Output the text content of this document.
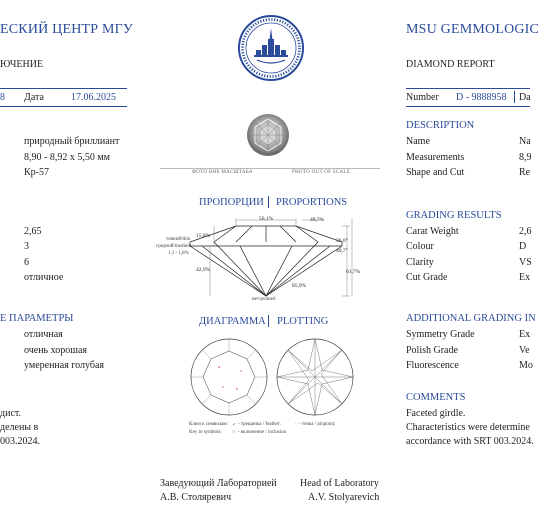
ЕСКИЙ ЦЕНТР МГУ
ЮЧЕНИЕ
8 Дата	17.06.2025
природный бриллиант
8,90 - 8,92 x 5,50 мм
Кр-57
2,65
3
6
отличное
Е ПАРАМЕТРЫ
отличная
очень хорошая
умеренная голубая
дист.
делены в
003.2024.
ФОТО ВНЕ МАСШТАБА	PHOTO OUT OF SCALE
ПРОПОРЦИИ PROPORTIONS
56,1%	49,7%
тонкий/thin
средний/medium
1,1 - 1,8%
15,8%
36,0°
40,7°
42,9%	61,7%
85,9%
нет/pointed
ДИАГРАММА PLOTTING
Ключ к символам:
Key to symbols:
✓ - трещинка / feather;	· - точка / pinpoint;
○ - включение / inclusion
MSU GEMMOLOGIC
DIAMOND REPORT
Number D - 9888958 Da
DESCRIPTION
Name	Na
Measurements	8,9
Shape and Cut	Re
GRADING RESULTS
Carat Weight	2,6
Colour	D
Clarity	VS
Cut Grade	Ex
ADDITIONAL GRADING IN
Symmetry Grade	Ex
Polish Grade	Ve
Fluorescence	Mo
COMMENTS
Faceted girdle.
Characteristics were determine
accordance with SRT 003.2024.
Заведующий Лабораторией
А.В. Столяревич
Head of Laboratory
A.V. Stolyarevich
